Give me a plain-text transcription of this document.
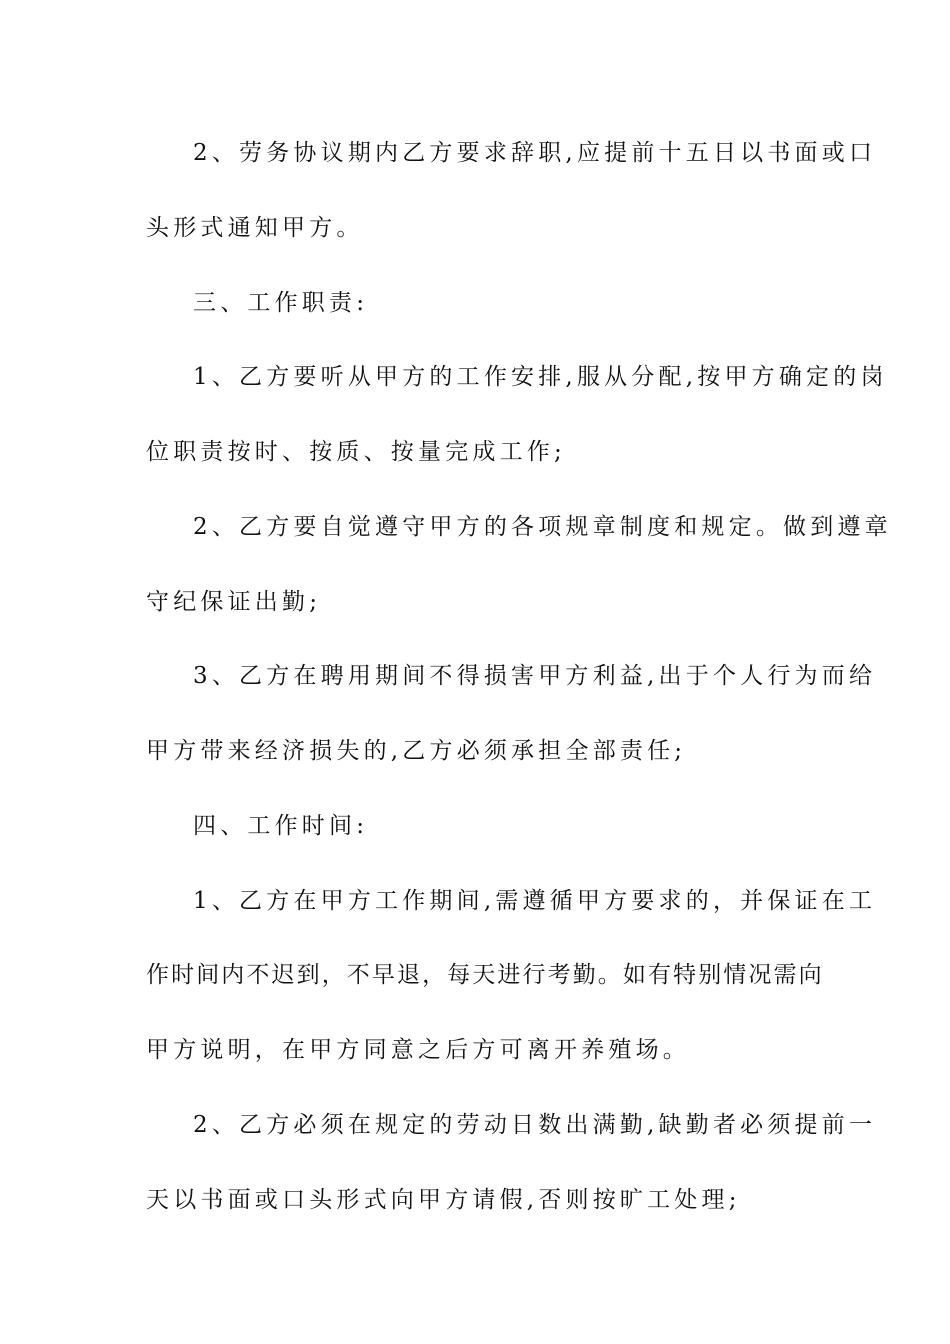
2、劳务协议期内乙方要求辞职,应提前十五日以书面或口
头形式通知甲方。
三、工作职责:
1、乙方要听从甲方的工作安排,服从分配,按甲方确定的岗
位职责按时、按质、按量完成工作;
2、乙方要自觉遵守甲方的各项规章制度和规定。做到遵章
守纪保证出勤;
3、乙方在聘用期间不得损害甲方利益,出于个人行为而给
甲方带来经济损失的,乙方必须承担全部责任;
四、工作时间:
1、乙方在甲方工作期间,需遵循甲方要求的，并保证在工
作时间内不迟到，不早退，每天进行考勤。如有特别情况需向
甲方说明，在甲方同意之后方可离开养殖场。
2、乙方必须在规定的劳动日数出满勤,缺勤者必须提前一
天以书面或口头形式向甲方请假,否则按旷工处理;
